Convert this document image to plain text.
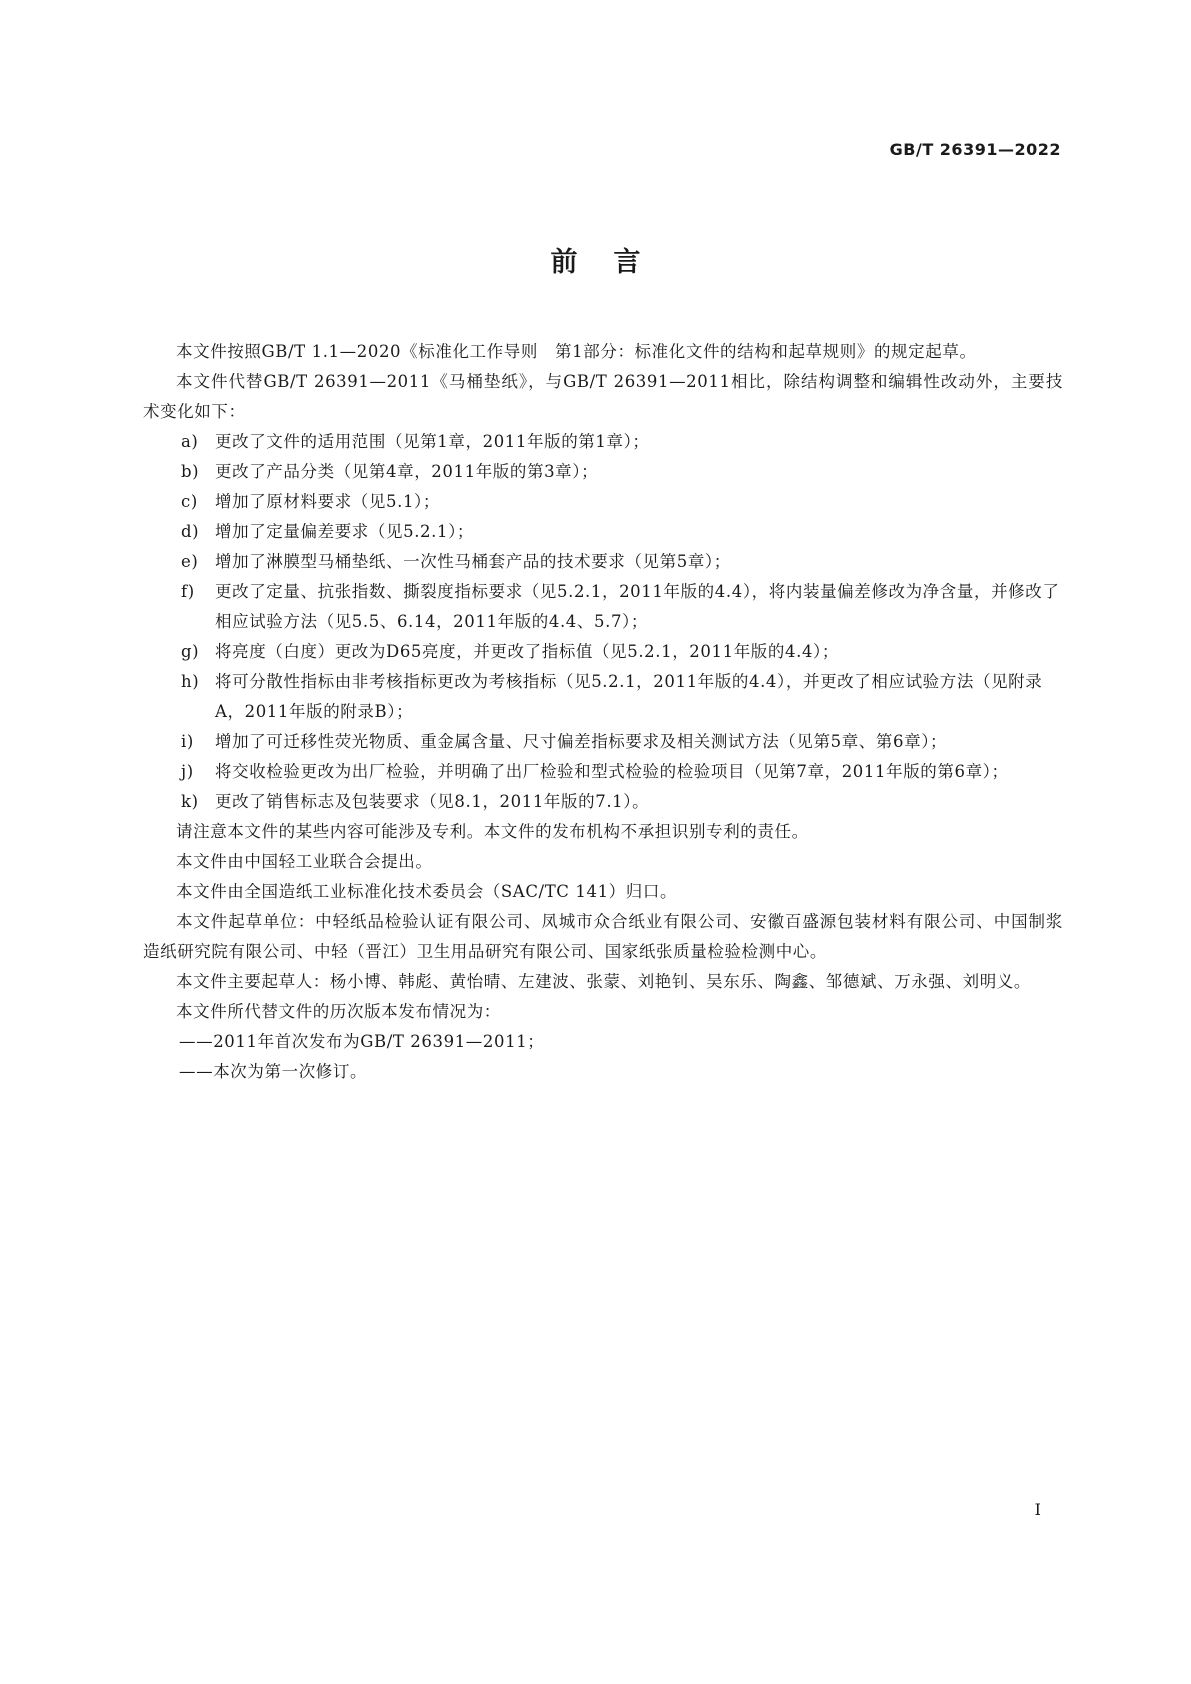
GB/T 26391—2022
前言

本文件按照GB/T 1.1—2020《标准化工作导则　第1部分：标准化文件的结构和起草规则》的规定起草。

本文件代替GB/T 26391—2011《马桶垫纸》，与GB/T 26391—2011相比，除结构调整和编辑性改动外，主要技术变化如下：

a)	更改了文件的适用范围（见第1章，2011年版的第1章）；

b) 更改了产品分类（见第4章，2011年版的第3章）；

c)	增加了原材料要求（见5.1）；

d) 增加了定量偏差要求（见5.2.1）；

e)	增加了淋膜型马桶垫纸、一次性马桶套产品的技术要求（见第5章）；

f)	更改了定量、抗张指数、撕裂度指标要求（见5.2.1，2011年版的4.4），将内装量偏差修改为净含量，并修改了相应试验方法（见5.5、6.14，2011年版的4.4、5.7）；

g) 将亮度（白度）更改为D65亮度，并更改了指标值（见5.2.1，2011年版的4.4）；

h) 将可分散性指标由非考核指标更改为考核指标（见5.2.1，2011年版的4.4），并更改了相应试验方法（见附录A，2011年版的附录B）；

i)	增加了可迁移性荧光物质、重金属含量、尺寸偏差指标要求及相关测试方法（见第5章、第6章）；

j)	将交收检验更改为出厂检验，并明确了出厂检验和型式检验的检验项目（见第7章，2011年版的第6章）；

k) 更改了销售标志及包装要求（见8.1，2011年版的7.1）。

请注意本文件的某些内容可能涉及专利。本文件的发布机构不承担识别专利的责任。

本文件由中国轻工业联合会提出。

本文件由全国造纸工业标准化技术委员会（SAC/TC 141）归口。

本文件起草单位：中轻纸品检验认证有限公司、凤城市众合纸业有限公司、安徽百盛源包装材料有限公司、中国制浆造纸研究院有限公司、中轻（晋江）卫生用品研究有限公司、国家纸张质量检验检测中心。

本文件主要起草人：杨小博、韩彪、黄怡晴、左建波、张蒙、刘艳钊、吴东乐、陶鑫、邹德斌、万永强、刘明义。

本文件所代替文件的历次版本发布情况为：

——2011年首次发布为GB/T 26391—2011；

——本次为第一次修订。

I
